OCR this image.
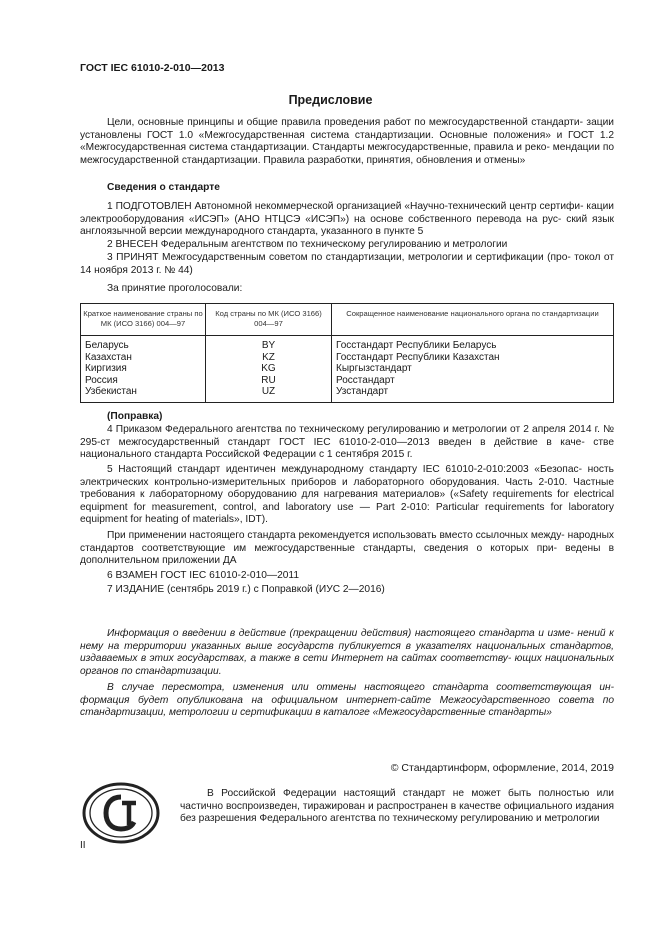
ГОСТ IEC 61010-2-010—2013
Предисловие

Цели, основные принципы и общие правила проведения работ по межгосударственной стандарти- зации установлены ГОСТ 1.0 «Межгосударственная система стандартизации. Основные положения» и ГОСТ 1.2 «Межгосударственная система стандартизации. Стандарты межгосударственные, правила и реко- мендации по межгосударственной стандартизации. Правила разработки, принятия, обновления и отмены»

Сведения о стандарте

1 ПОДГОТОВЛЕН Автономной некоммерческой организацией «Научно-технический центр сертифи- кации электрооборудования «ИСЭП» (АНО НТЦСЭ «ИСЭП») на основе собственного перевода на рус- ский язык англоязычной версии международного стандарта, указанного в пункте 5

2 ВНЕСЕН Федеральным агентством по техническому регулированию и метрологии

3 ПРИНЯТ Межгосударственным советом по стандартизации, метрологии и сертификации (про- токол от 14 ноября 2013 г. № 44)

За принятие проголосовали:

Краткое наименование страны по МК (ИСО 3166) 004—97	Код страны по МК (ИСО 3166) 004—97	Сокращенное наименование национального органа по стандартизации
Беларусь	BY	Госстандарт Республики Беларусь
Казахстан	KZ	Госстандарт Республики Казахстан
Киргизия	KG	Кыргызстандарт
Россия	RU	Росстандарт
Узбекистан	UZ	Узстандарт
(Поправка)

4 Приказом Федерального агентства по техническому регулированию и метрологии от 2 апреля 2014 г. № 295-ст межгосударственный стандарт ГОСТ IEC 61010-2-010—2013 введен в действие в каче- стве национального стандарта Российской Федерации с 1 сентября 2015 г.

5 Настоящий стандарт идентичен международному стандарту IEC 61010-2-010:2003 «Безопас- ность электрических контрольно-измерительных приборов и лабораторного оборудования. Часть 2-010. Частные требования к лабораторному оборудованию для нагревания материалов» («Safety requirements for electrical equipment for measurement, control, and laboratory use — Part 2-010: Particular requirements for laboratory equipment for heating of materials», IDT).

При применении настоящего стандарта рекомендуется использовать вместо ссылочных между- народных стандартов соответствующие им межгосударственные стандарты, сведения о которых при- ведены в дополнительном приложении ДА

6 ВЗАМЕН ГОСТ IEC 61010-2-010—2011

7 ИЗДАНИЕ (сентябрь 2019 г.) с Поправкой (ИУС 2—2016)

Информация о введении в действие (прекращении действия) настоящего стандарта и изме- нений к нему на территории указанных выше государств публикуется в указателях национальных стандартов, издаваемых в этих государствах, а также в сети Интернет на сайтах соответству- ющих национальных органов по стандартизации.

В случае пересмотра, изменения или отмены настоящего стандарта соответствующая ин- формация будет опубликована на официальном интернет-сайте Межгосударственного совета по стандартизации, метрологии и сертификации в каталоге «Межгосударственные стандарты»

© Стандартинформ, оформление, 2014, 2019

В Российской Федерации настоящий стандарт не может быть полностью или частично воспроизведен, тиражирован и распространен в качестве официального издания без разрешения Федерального агентства по техническому регулированию и метрологии

II
